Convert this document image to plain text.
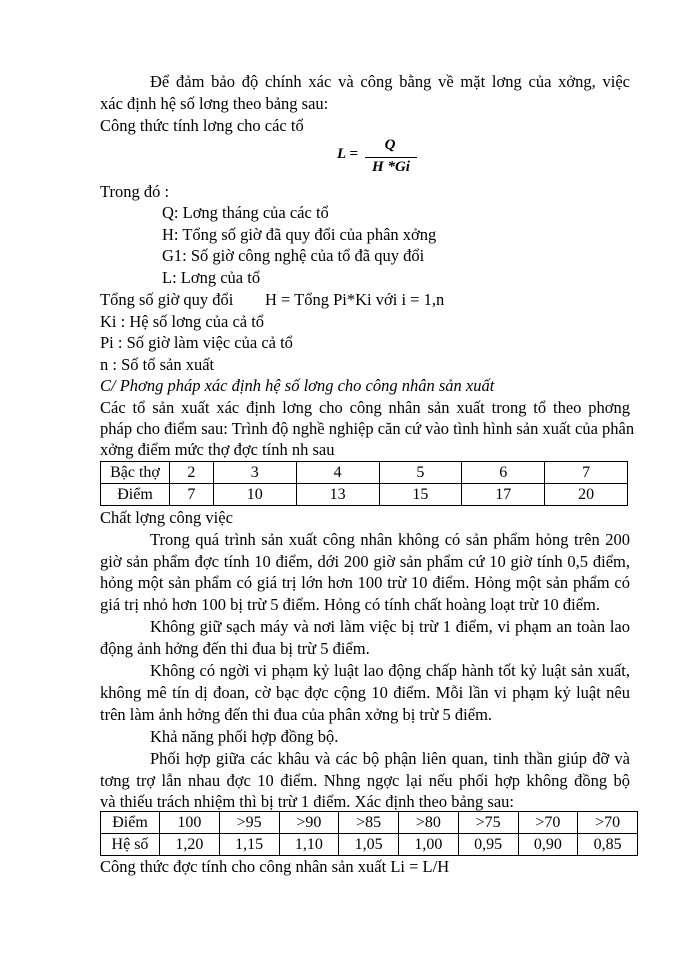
Để đảm bảo độ chính xác và công bằng về mặt lơng của xởng, việc
xác định hệ số lơng theo bảng sau:
Công thức tính lơng cho các tổ
L =
Q
H *Gi
Trong đó :
Q: Lơng tháng của các tổ
H: Tổng số giờ đã quy đổi của phân xởng
G1: Số giờ công nghệ của tổ đã quy đổi
L: Lơng của tổ
Tổng số giờ quy đổi H = Tổng Pi*Ki với i = 1,n
Ki : Hệ số lơng của cả tổ
Pi : Số giờ làm việc của cả tổ
n : Số tổ sản xuất
C/ Phơng pháp xác định hệ số lơng cho công nhân sản xuất
Các tổ sản xuất xác định lơng cho công nhân sản xuất trong tổ theo phơng
pháp cho điểm sau: Trình độ nghề nghiệp căn cứ vào tình hình sản xuất của phân
xởng điểm mức thợ đợc tính nh sau
Bậc thợ	2	3	4	5	6	7
Điểm	7	10	13	15	17	20
Chất lợng công việc
Trong quá trình sản xuất công nhân không có sản phẩm hỏng trên 200
giờ sản phẩm đợc tính 10 điểm, dới 200 giờ sản phẩm cứ 10 giờ tính 0,5 điểm,
hỏng một sản phẩm có giá trị lớn hơn 100 trừ 10 điểm. Hỏng một sản phẩm có
giá trị nhỏ hơn 100 bị trừ 5 điểm. Hỏng có tính chất hoàng loạt trừ 10 điểm.
Không giữ sạch máy và nơi làm việc bị trừ 1 điểm, vi phạm an toàn lao
động ảnh hởng đến thi đua bị trừ 5 điểm.
Không có ngời vi phạm kỷ luật lao động chấp hành tốt kỷ luật sản xuất,
không mê tín dị đoan, cờ bạc đợc cộng 10 điểm. Mỗi lần vi phạm kỷ luật nêu
trên làm ảnh hởng đến thi đua của phân xởng bị trừ 5 điểm.
Khả năng phối hợp đồng bộ.
Phối hợp giữa các khâu và các bộ phận liên quan, tinh thần giúp đỡ và
tơng trợ lẫn nhau đợc 10 điểm. Nhng ngợc lại nếu phối hợp không đồng bộ
và thiếu trách nhiệm thì bị trừ 1 điểm. Xác định theo bảng sau:
Điểm	100	>95	>90	>85	>80	>75	>70	>70
Hệ số	1,20	1,15	1,10	1,05	1,00	0,95	0,90	0,85
Công thức đợc tính cho công nhân sản xuất Li = L/H
